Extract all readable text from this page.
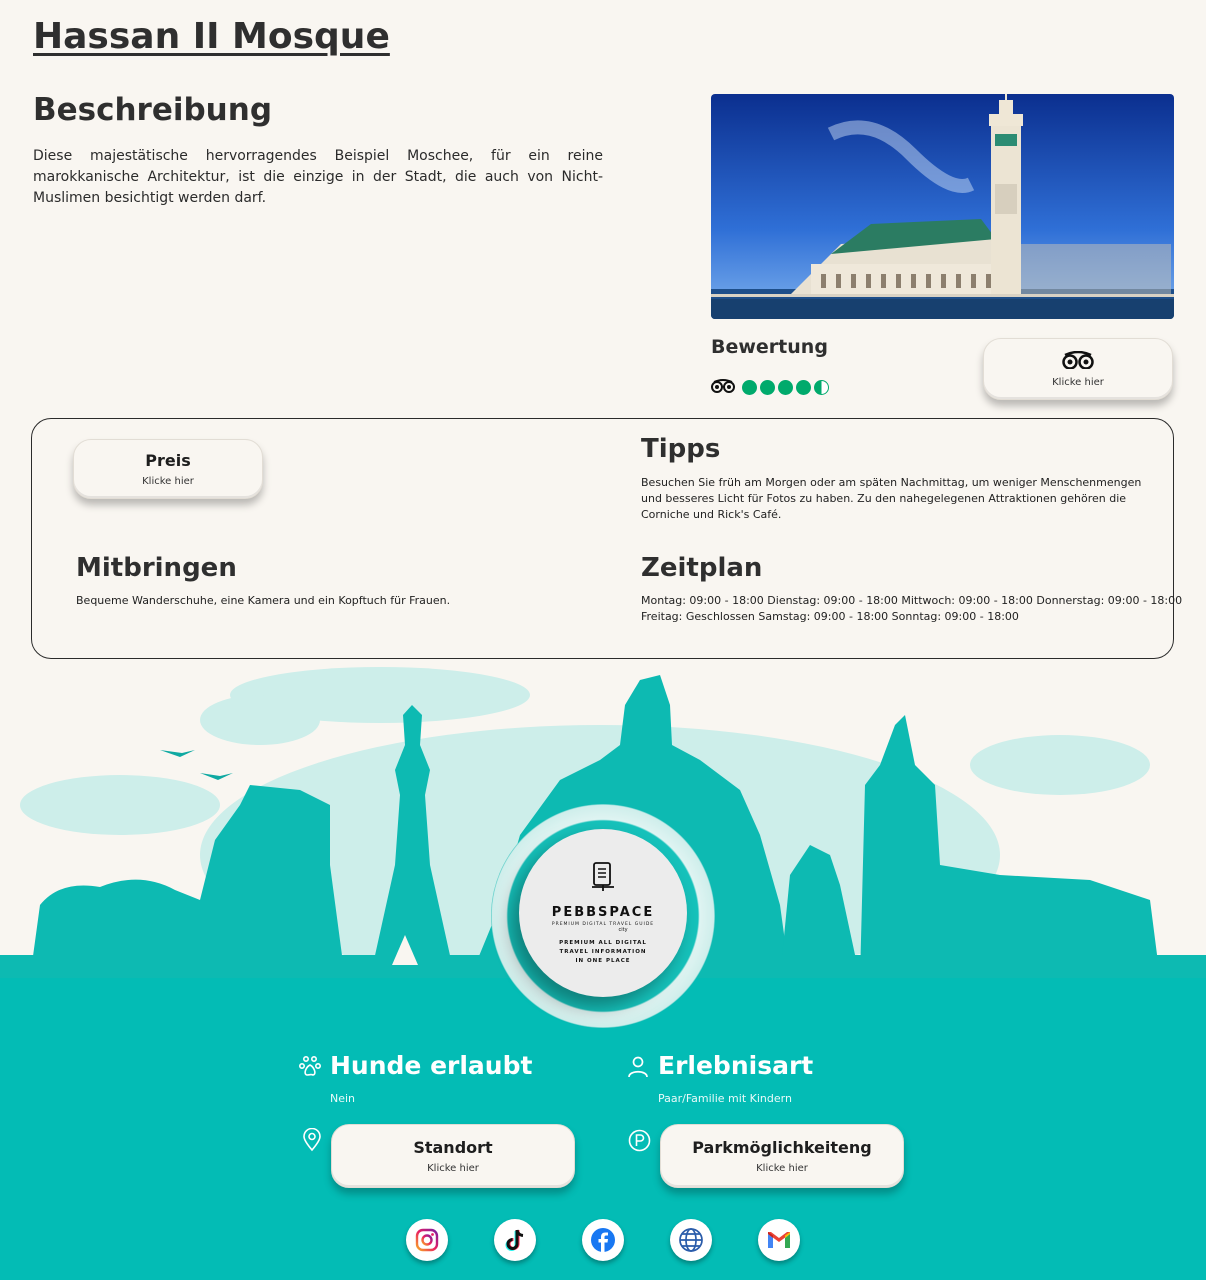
Hassan II Mosque
Beschreibung

Diese majestätische hervorragendes Beispiel Moschee, für ein reine marokkanische Architektur, ist die einzige in der Stadt, die auch von Nicht-Muslimen besichtigt werden darf.

Bewertung
Klicke hier
Preis
Klicke hier
Tipps

Besuchen Sie früh am Morgen oder am späten Nachmittag, um weniger Menschenmengen und besseres Licht für Fotos zu haben. Zu den nahegelegenen Attraktionen gehören die Corniche und Rick's Café.

Mitbringen

Bequeme Wanderschuhe, eine Kamera und ein Kopftuch für Frauen.

Zeitplan

Montag: 09:00 - 18:00 Dienstag: 09:00 - 18:00 Mittwoch: 09:00 - 18:00 Donnerstag: 09:00 - 18:00

Freitag: Geschlossen Samstag: 09:00 - 18:00 Sonntag: 09:00 - 18:00

PEBBSPACE
PREMIUM DIGITAL TRAVEL GUIDE
city
PREMIUM ALL DIGITAL
TRAVEL INFORMATION
IN ONE PLACE
Hunde erlaubt
Nein
Erlebnisart
Paar/Familie mit Kindern
Standort
Klicke hier
Parkmöglichkeiteng
Klicke hier
